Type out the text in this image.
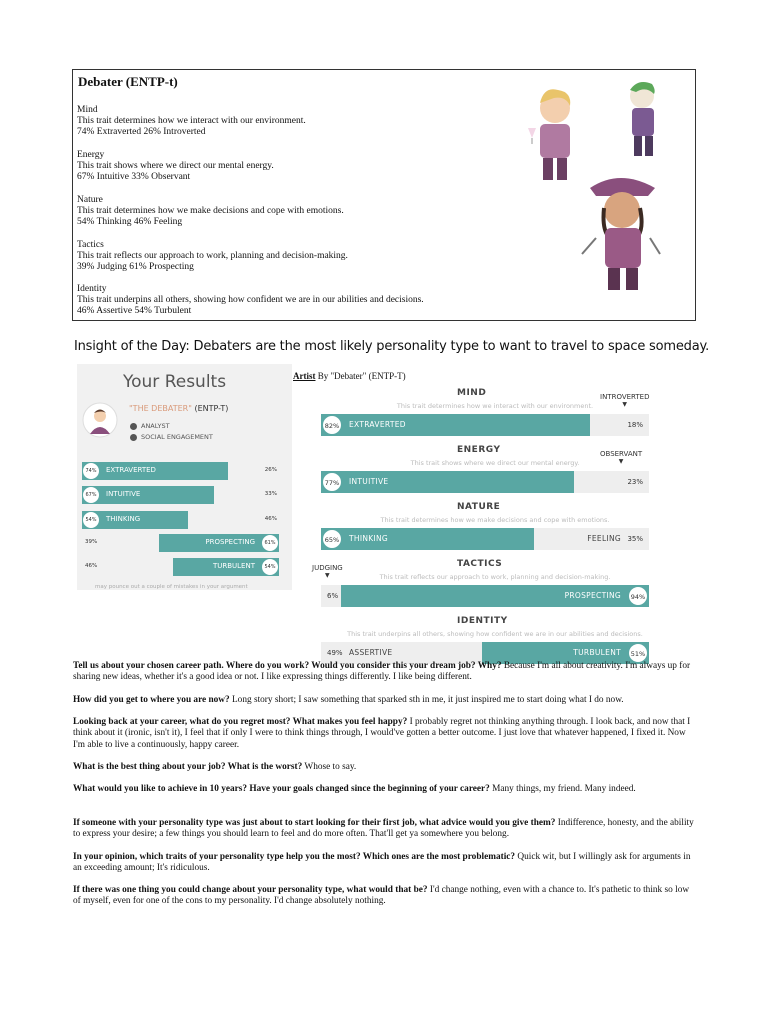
Debater (ENTP-t)
Mind
This trait determines how we interact with our environment.
74% Extraverted 26% Introverted
Energy
This trait shows where we direct our mental energy.
67% Intuitive 33% Observant
Nature
This trait determines how we make decisions and cope with emotions.
54% Thinking 46% Feeling
Tactics
This trait reflects our approach to work, planning and decision-making.
39% Judging 61% Prospecting
Identity
This trait underpins all others, showing how confident we are in our abilities and decisions.
46% Assertive 54% Turbulent
Insight of the Day: Debaters are the most likely personality type to want to travel to space someday.
Your Results
"THE DEBATER" (ENTP-T)
ANALYST
SOCIAL ENGAGEMENT
EXTRAVERTED
74%	26%
INTUITIVE
67%	33%
THINKING
54%	46%
PROSPECTING
39%	61%
TURBULENT
46%	54%
may pounce out a couple of mistakes in your argument
Artist By "Debater" (ENTP-T)
MIND
This trait determines how we interact with our environment.
INTROVERTED
▼
EXTRAVERTED
82%	18%
ENERGY
This trait shows where we direct our mental energy.
OBSERVANT
▼
INTUITIVE
77%	23%
NATURE
This trait determines how we make decisions and cope with emotions.
FEELING
THINKING
65%	35%
TACTICS
This trait reflects our approach to work, planning and decision-making.
JUDGING
▼
PROSPECTING
6%	94%
IDENTITY
This trait underpins all others, showing how confident we are in our abilities and decisions.
ASSERTIVE	TURBULENT
49%	51%
Tell us about your chosen career path. Where do you work? Would you consider this your dream job? Why? Because I'm all about creativity. I'm always up for sharing new ideas, whether it's a good idea or not. I like expressing things differently. I like being different.
How did you get to where you are now? Long story short; I saw something that sparked sth in me, it just inspired me to start doing what I do now.
Looking back at your career, what do you regret most? What makes you feel happy? I probably regret not thinking anything through. I look back, and now that I think about it (ironic, isn't it), I feel that if only I were to think things through, I would've gotten a better outcome. I just love that whatever happened, I fixed it. Now I'm able to live a continuously, happy career.
What is the best thing about your job? What is the worst? Whose to say.
What would you like to achieve in 10 years? Have your goals changed since the beginning of your career? Many things, my friend. Many indeed.
If someone with your personality type was just about to start looking for their first job, what advice would you give them? Indifference, honesty, and the ability to express your desire; a few things you should learn to feel and do more often. That'll get ya somewhere you belong.
In your opinion, which traits of your personality type help you the most? Which ones are the most problematic? Quick wit, but I willingly ask for arguments in an exceeding amount; It's ridiculous.
If there was one thing you could change about your personality type, what would that be? I'd change nothing, even with a chance to. It's pathetic to think so low of myself, even for one of the cons to my personality. I'd change absolutely nothing.
